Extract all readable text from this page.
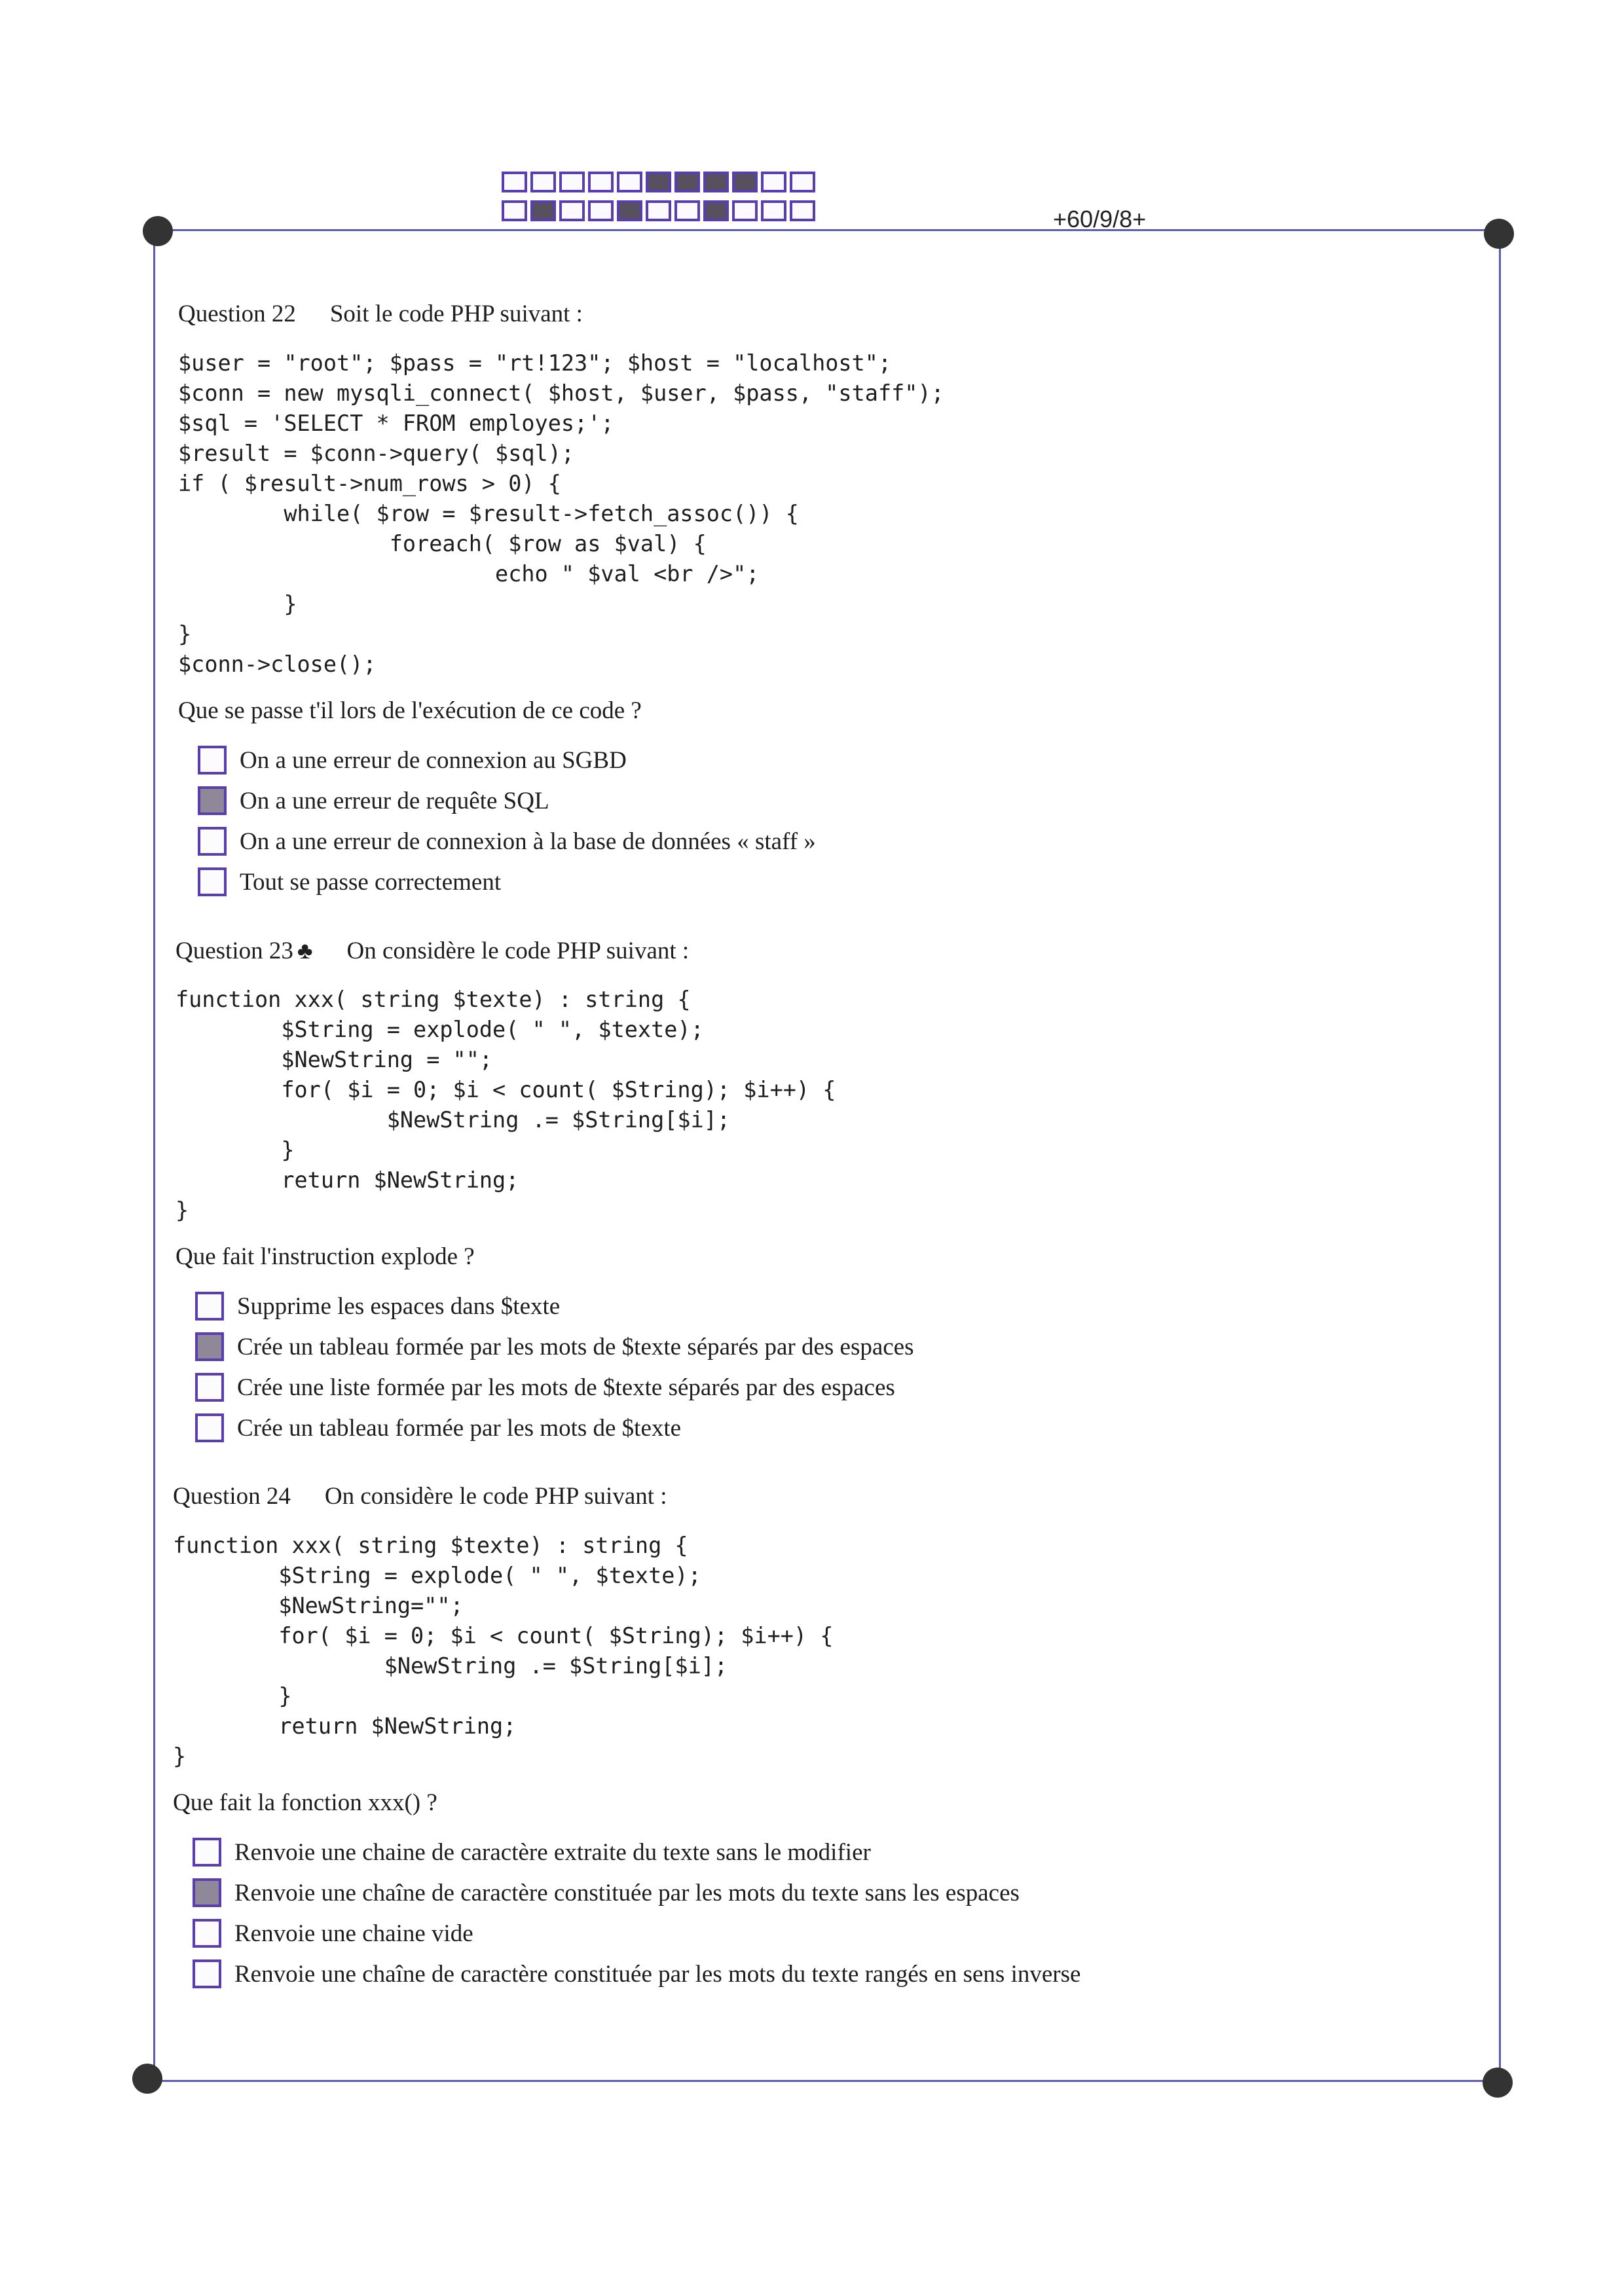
+60/9/8+
Question 22 Soit le code PHP suivant :
$user = "root"; $pass = "rt!123"; $host = "localhost";
$conn = new mysqli_connect( $host, $user, $pass, "staff");
$sql = 'SELECT * FROM employes;';
$result = $conn->query( $sql);
if ( $result->num_rows > 0) {
while( $row = $result->fetch_assoc()) {
foreach( $row as $val) {
echo " $val <br />";
}
}
$conn->close();
Que se passe t'il lors de l'exécution de ce code ?
On a une erreur de connexion au SGBD
On a une erreur de requête SQL
On a une erreur de connexion à la base de données « staff »
Tout se passe correctement
Question 23 ♣ On considère le code PHP suivant :
function xxx( string $texte) : string {
$String = explode( " ", $texte);
$NewString = "";
for( $i = 0; $i < count( $String); $i++) {
$NewString .= $String[$i];
}
return $NewString;
}
Que fait l'instruction explode ?
Supprime les espaces dans $texte
Crée un tableau formée par les mots de $texte séparés par des espaces
Crée une liste formée par les mots de $texte séparés par des espaces
Crée un tableau formée par les mots de $texte
Question 24 On considère le code PHP suivant :
function xxx( string $texte) : string {
$String = explode( " ", $texte);
$NewString="";
for( $i = 0; $i < count( $String); $i++) {
$NewString .= $String[$i];
}
return $NewString;
}
Que fait la fonction xxx() ?
Renvoie une chaine de caractère extraite du texte sans le modifier
Renvoie une chaîne de caractère constituée par les mots du texte sans les espaces
Renvoie une chaine vide
Renvoie une chaîne de caractère constituée par les mots du texte rangés en sens inverse
